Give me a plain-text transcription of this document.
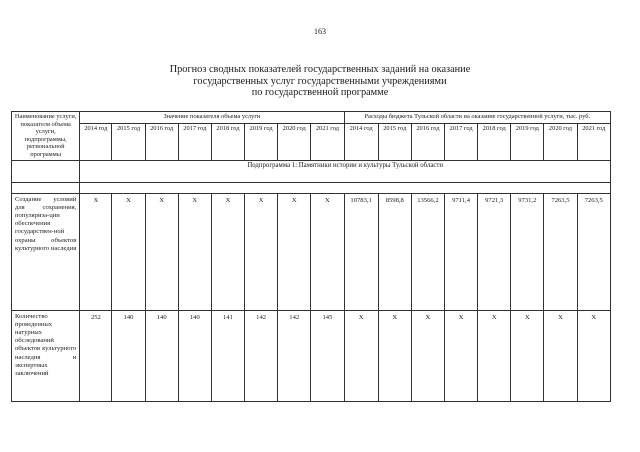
163
Прогноз сводных показателей государственных заданий на оказание
государственных услуг государственными учреждениями
по государственной программе
Наименование услуги, показателя объема услуги, подпрограммы, региональной программы	Значение показателя объема услуги								Расходы бюджета Тульской области на оказание государственной услуги, тыс. руб.							
	2014 год	2015 год	2016 год	2017 год	2018 год	2019 год	2020 год	2021 год	2014 год	2015 год	2016 год	2017 год	2018 год	2019 год	2020 год	2021 год
	Подпрограмма 1: Памятники истории и культуры Тульской области															

Создание условий для сохранения, популяриза-ции обеспечения государствен-ной охраны объектов культурного наследия	X	X	X	X	X	X	X	X	10783,1	8598,8	13566,2	9711,4	9721,3	9731,2	7263,5	7263,5
Количество проведенных натурных обследований объектов культурного наследия и экспертных заключений	252	140	140	140	141	142	142	145	X	X	X	X	X	X	X	X
